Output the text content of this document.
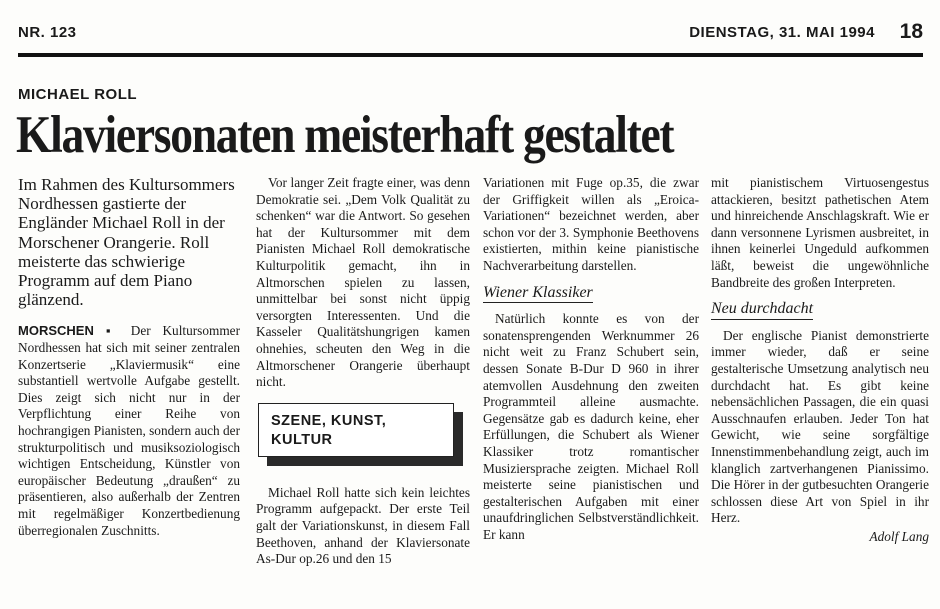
NR. 123	DIENSTAG, 31. MAI 1994 18
MICHAEL ROLL
Klaviersonaten meisterhaft gestaltet

Im Rahmen des Kultursommers Nordhessen gastierte der Engländer Michael Roll in der Morschener Orangerie. Roll meisterte das schwierige Programm auf dem Piano glänzend.

MORSCHEN ▪ Der Kultursommer Nordhessen hat sich mit seiner zentralen Konzertserie „Klaviermusik“ eine substantiell wertvolle Aufgabe gestellt. Dies zeigt sich nicht nur in der Verpflichtung einer Reihe von hochrangigen Pianisten, sondern auch der strukturpolitisch und musiksoziologisch wichtigen Entscheidung, Künstler von europäischer Bedeutung „draußen“ zu präsentieren, also außerhalb der Zentren mit regelmäßiger Konzertbedienung überregionalen Zuschnitts.

Vor langer Zeit fragte einer, was denn Demokratie sei. „Dem Volk Qualität zu schenken“ war die Antwort. So gesehen hat der Kultursommer mit dem Pianisten Michael Roll demokratische Kulturpolitik gemacht, ihn in Altmorschen spielen zu lassen, unmittelbar bei sonst nicht üppig versorgten Interessenten. Und die Kasseler Qualitätshungrigen kamen ohnehies, scheuten den Weg in die Altmorschener Orangerie überhaupt nicht.

SZENE, KUNST,
KULTUR

Michael Roll hatte sich kein leichtes Programm aufgepackt. Der erste Teil galt der Variationskunst, in diesem Fall Beethoven, anhand der Klaviersonate As-Dur op.26 und den 15

Variationen mit Fuge op.35, die zwar der Griffigkeit willen als „Eroica-Variationen“ bezeichnet werden, aber schon vor der 3. Symphonie Beethovens existierten, mithin keine pianistische Nachverarbeitung darstellen.

Wiener Klassiker

Natürlich konnte es von der sonatensprengenden Werknummer 26 nicht weit zu Franz Schubert sein, dessen Sonate B-Dur D 960 in ihrer atemvollen Ausdehnung den zweiten Programmteil alleine ausmachte. Gegensätze gab es dadurch keine, eher Erfüllungen, die Schubert als Wiener Klassiker trotz romantischer Musiziersprache zeigten. Michael Roll meisterte seine pianistischen und gestalterischen Aufgaben mit einer unaufdringlichen Selbstverständlichkeit. Er kann

mit pianistischem Virtuosengestus attackieren, besitzt pathetischen Atem und hinreichende Anschlagskraft. Wie er dann versonnene Lyrismen ausbreitet, in ihnen keinerlei Ungeduld aufkommen läßt, beweist die ungewöhnliche Bandbreite des großen Interpreten.

Neu durchdacht

Der englische Pianist demonstrierte immer wieder, daß er seine gestalterische Umsetzung analytisch neu durchdacht hat. Es gibt keine nebensächlichen Passagen, die ein quasi Ausschnaufen erlauben. Jeder Ton hat Gewicht, wie seine sorgfältige Innenstimmenbehandlung zeigt, auch im klanglich zartverhangenen Pianissimo. Die Hörer in der gutbesuchten Orangerie schlossen diese Art von Spiel in ihr Herz.

Adolf Lang
